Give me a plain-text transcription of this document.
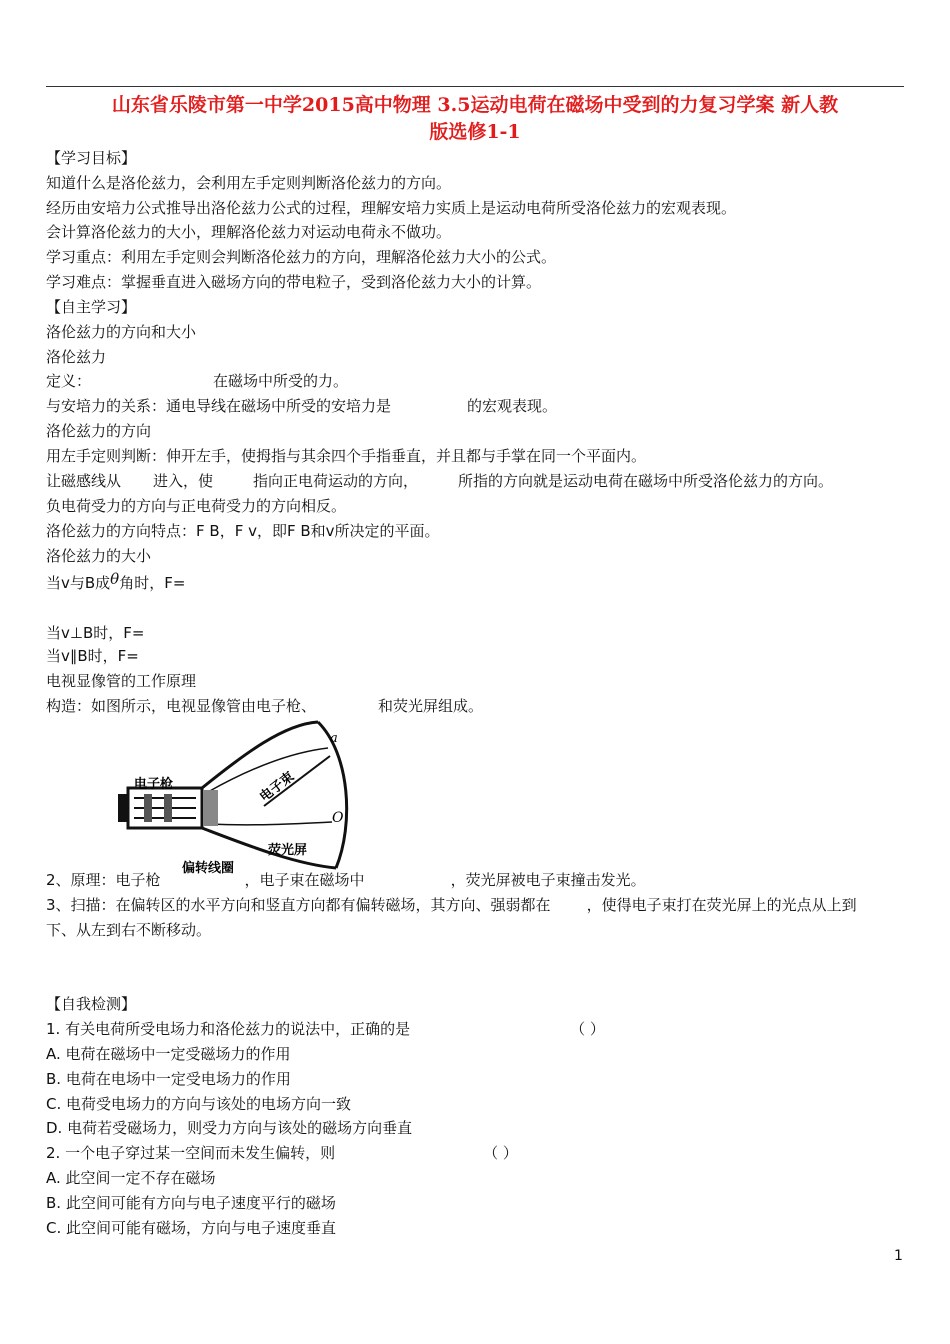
山东省乐陵市第一中学2015高中物理 3.5运动电荷在磁场中受到的力复习学案 新人教
版选修1-1
【学习目标】
知道什么是洛伦兹力，会利用左手定则判断洛伦兹力的方向。
经历由安培力公式推导出洛伦兹力公式的过程，理解安培力实质上是运动电荷所受洛伦兹力的宏观表现。
会计算洛伦兹力的大小，理解洛伦兹力对运动电荷永不做功。
学习重点：利用左手定则会判断洛伦兹力的方向，理解洛伦兹力大小的公式。
学习难点：掌握垂直进入磁场方向的带电粒子，受到洛伦兹力大小的计算。
【自主学习】
洛伦兹力的方向和大小
洛伦兹力
定义：	在磁场中所受的力。
与安培力的关系：通电导线在磁场中所受的安培力是	的宏观表现。
洛伦兹力的方向
用左手定则判断：伸开左手，使拇指与其余四个手指垂直，并且都与手掌在同一个平面内。
让磁感线从 进入，使	指向正电荷运动的方向，	所指的方向就是运动电荷在磁场中所受洛伦兹力的方向。
负电荷受力的方向与正电荷受力的方向相反。
洛伦兹力的方向特点：F B，F v，即F B和v所决定的平面。
洛伦兹力的大小
当v与B成θ角时，F=
当v⊥B时，F=
当v∥B时，F=
电视显像管的工作原理
构造：如图所示，电视显像管由电子枪、	和荧光屏组成。
电子枪	电子束
荧光屏
偏转线圈
a
O
2、原理：电子枪	，电子束在磁场中	，荧光屏被电子束撞击发光。
3、扫描：在偏转区的水平方向和竖直方向都有偏转磁场，其方向、强弱都在 ，使得电子束打在荧光屏上的光点从上到
下、从左到右不断移动。
【自我检测】
1. 有关电荷所受电场力和洛伦兹力的说法中，正确的是	（ ）
A. 电荷在磁场中一定受磁场力的作用
B. 电荷在电场中一定受电场力的作用
C. 电荷受电场力的方向与该处的电场方向一致
D. 电荷若受磁场力，则受力方向与该处的磁场方向垂直
2. 一个电子穿过某一空间而未发生偏转，则	（ ）
A. 此空间一定不存在磁场
B. 此空间可能有方向与电子速度平行的磁场
C. 此空间可能有磁场，方向与电子速度垂直
1
